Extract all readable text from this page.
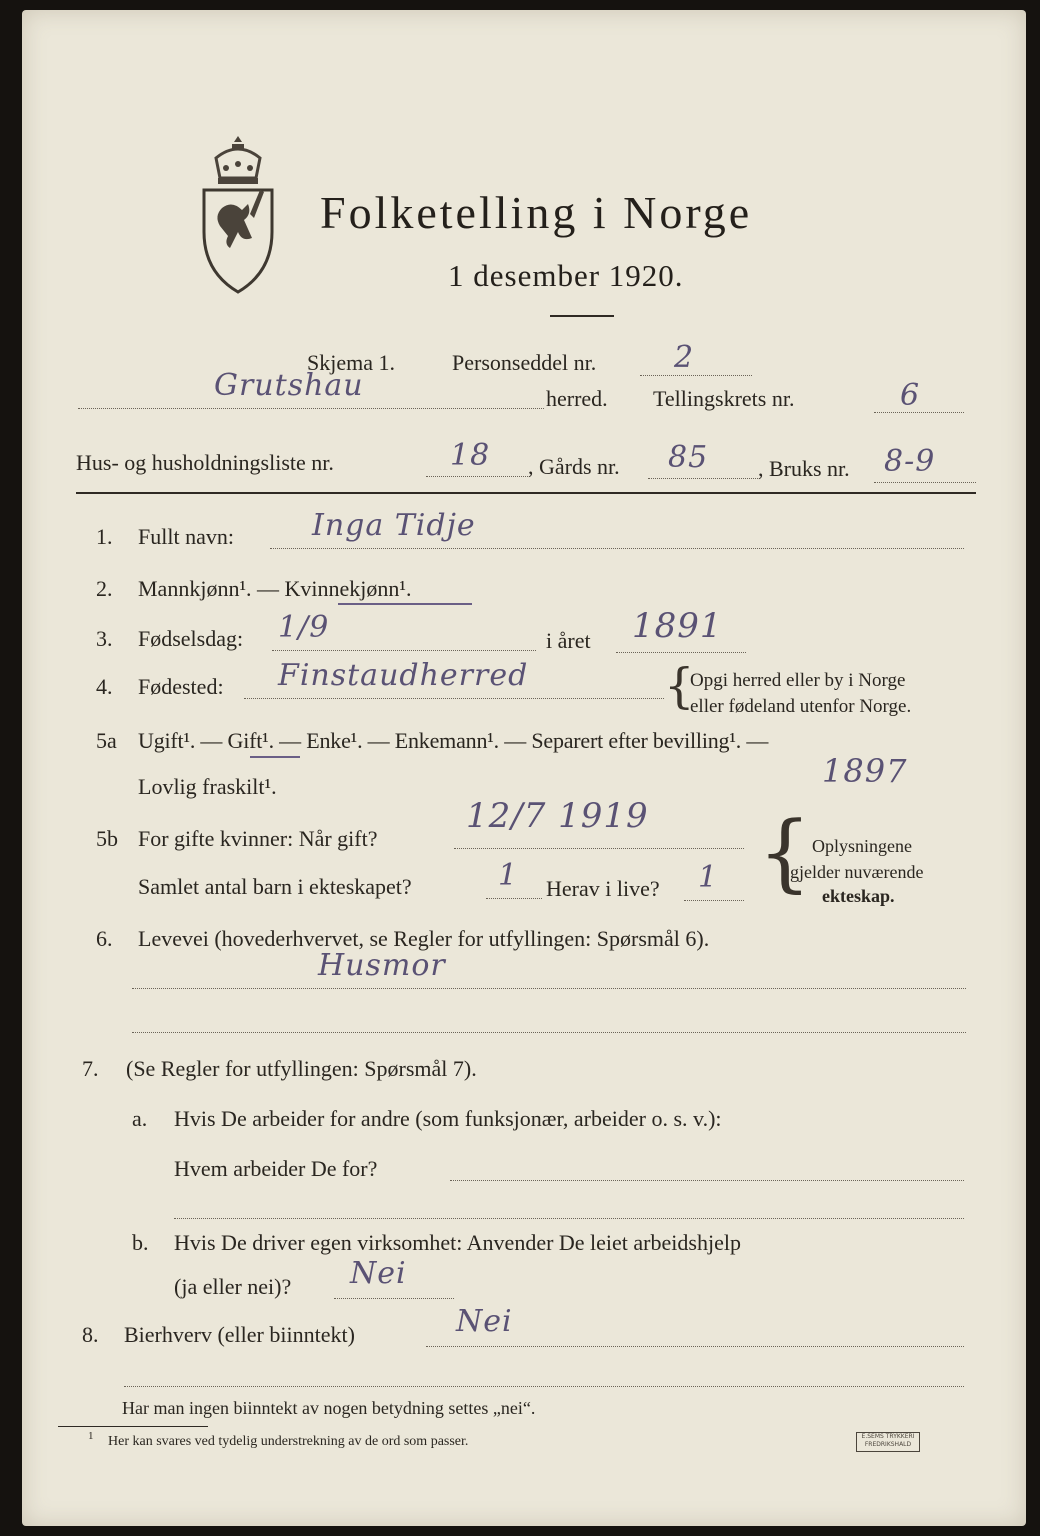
Folketelling i Norge
1 desember 1920.
Skjema 1.	Personseddel nr.	2
Grutshau	herred. Tellingskrets nr.	6
Hus- og husholdningsliste nr.	18 , Gårds nr. 85 , Bruks nr. 8-9
1. Fullt navn:	Inga Tidje
2. Mannkjønn¹. — Kvinnekjønn¹.
3. Fødselsdag: 1/9	i året 1891
4. Fødested: Finstaudherred	{
Opgi herred eller by i Norge
eller fødeland utenfor Norge.
5a Ugift¹. — Gift¹. — Enke¹. — Enkemann¹. — Separert efter bevilling¹. —
Lovlig fraskilt¹.	1897
5b For gifte kvinner: Når gift?
12/7 1919
Samlet antal barn i ekteskapet?	1 Herav i live? 1 { Oplysningene
gjelder nuværende
ekteskap.
6. Levevei (hovederhvervet, se Regler for utfyllingen: Spørsmål 6).
Husmor
7. (Se Regler for utfyllingen: Spørsmål 7).
a. Hvis De arbeider for andre (som funksjonær, arbeider o. s. v.):
Hvem arbeider De for?
b. Hvis De driver egen virksomhet: Anvender De leiet arbeidshjelp
(ja eller nei)? Nei
8. Bierhverv (eller biinntekt)	Nei
Har man ingen biinntekt av nogen betydning settes „nei“.
1 Her kan svares ved tydelig understrekning av de ord som passer.	E.SEMS TRYKKERI
FREDRIKSHALD
